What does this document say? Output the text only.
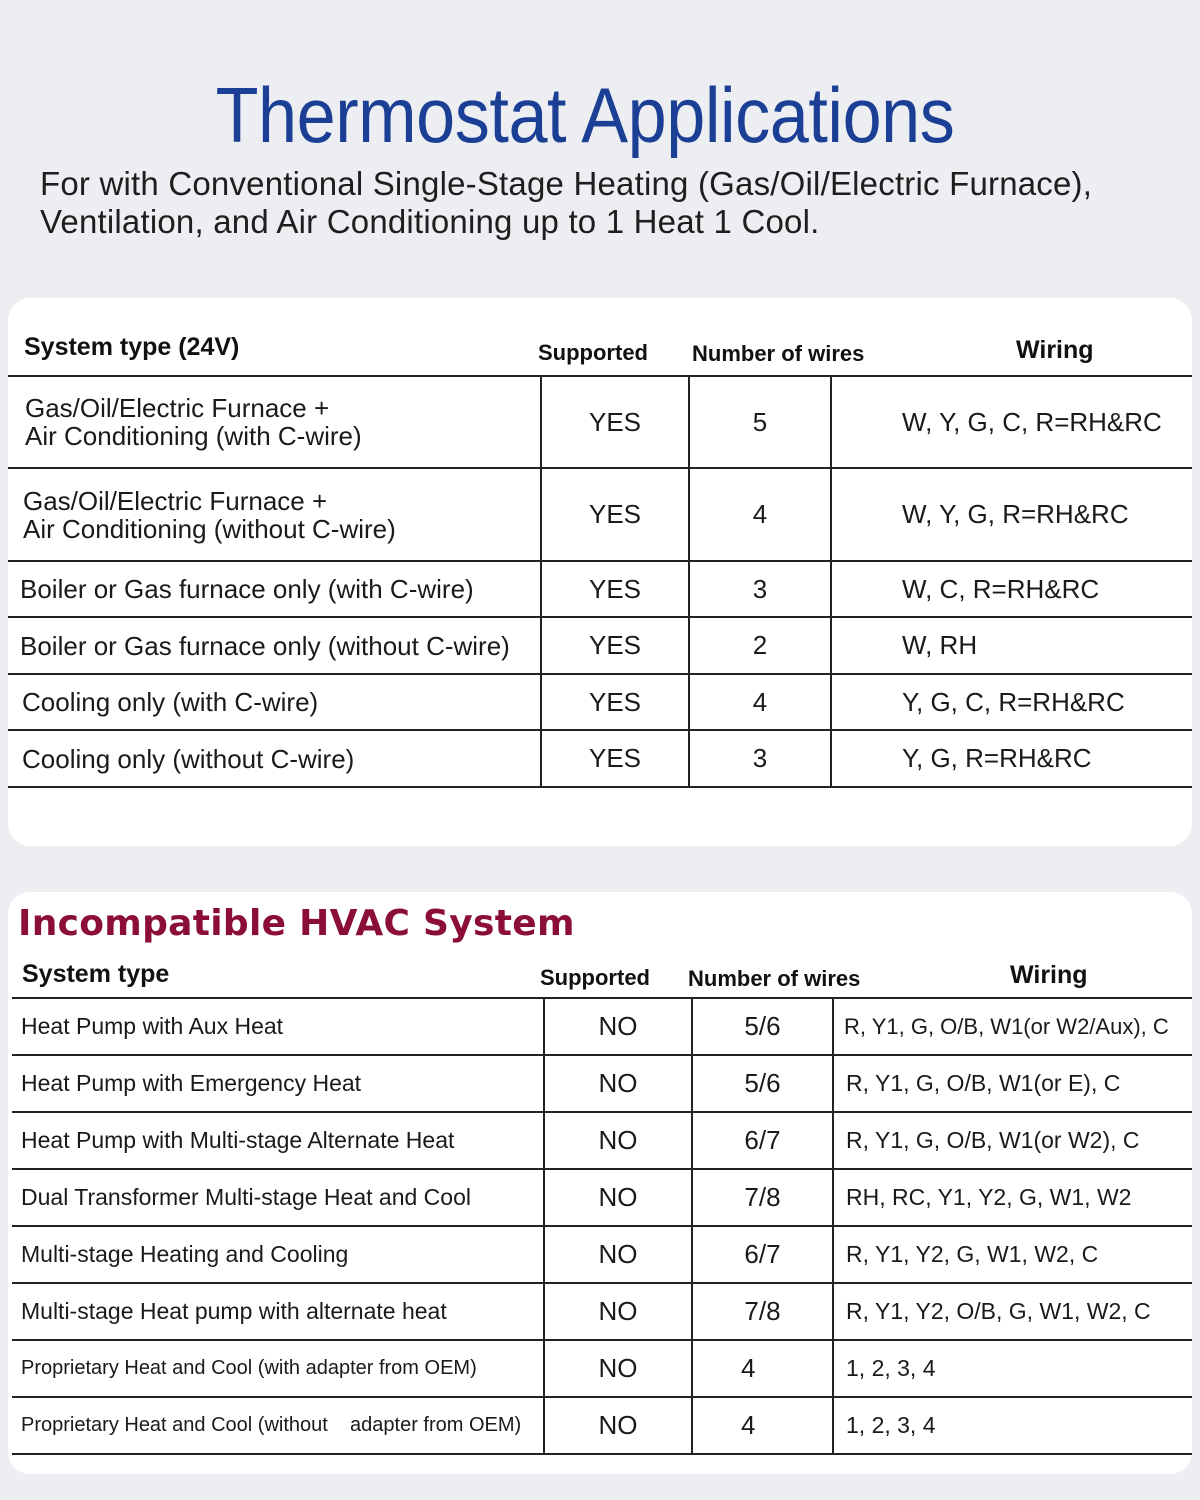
Thermostat Applications
For with Conventional Single-Stage Heating (Gas/Oil/Electric Furnace),
Ventilation, and Air Conditioning up to 1 Heat 1 Cool.
System type (24V)	Supported Number of wires	Wiring
Gas/Oil/Electric Furnace +
Air Conditioning (with C-wire)	YES	5	W, Y, G, C, R=RH&RC

Gas/Oil/Electric Furnace +
Air Conditioning (without C-wire)	YES	4	W, Y, G, R=RH&RC
Boiler or Gas furnace only (with C-wire)	YES	3	W, C, R=RH&RC
Boiler or Gas furnace only (without C-wire)	YES	2	W, RH
Cooling only (with C-wire)	YES	4	Y, G, C, R=RH&RC
Cooling only (without C-wire)	YES	3	Y, G, R=RH&RC
Incompatible HVAC System
System type	Supported Number of wires	Wiring
Heat Pump with Aux Heat	NO	5/6	R, Y1, G, O/B, W1(or W2/Aux), C
Heat Pump with Emergency Heat	NO	5/6	R, Y1, G, O/B, W1(or E), C
Heat Pump with Multi-stage Alternate Heat	NO	6/7	R, Y1, G, O/B, W1(or W2), C
Dual Transformer Multi-stage Heat and Cool	NO	7/8	RH, RC, Y1, Y2, G, W1, W2
Multi-stage Heating and Cooling	NO	6/7	R, Y1, Y2, G, W1, W2, C
Multi-stage Heat pump with alternate heat	NO	7/8	R, Y1, Y2, O/B, G, W1, W2, C
Proprietary Heat and Cool (with adapter from OEM)	NO	4	1, 2, 3, 4
Proprietary Heat and Cool (without    adapter from OEM)	NO	4	1, 2, 3, 4
